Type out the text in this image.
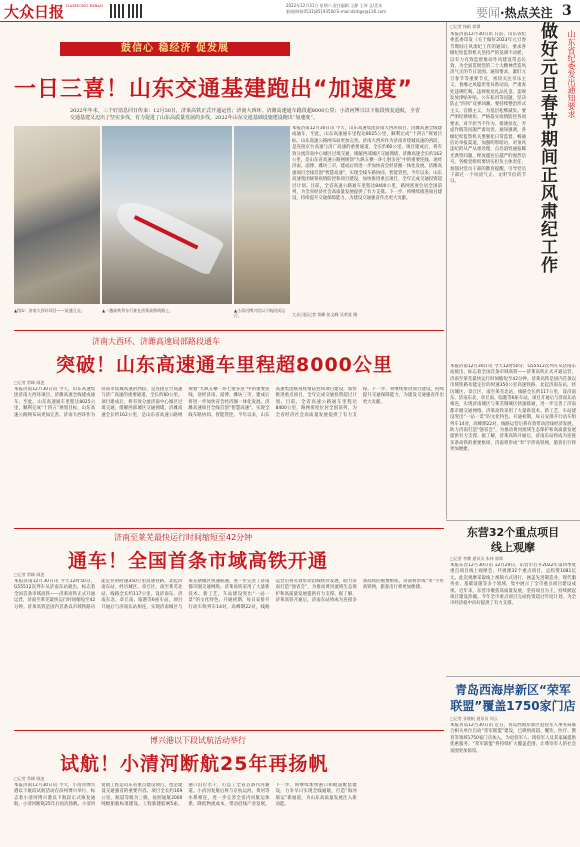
大众日报 DAZHONG RIBAO	2022年12月31日 星期六 责任编辑 王静 王坤 文/美术
新闻热线(0531)85193500 E-mail:dzrbgx@126.com	要闻·热点关注 3
鼓信心 稳经济 促发展
一日三喜！山东交通基建跑出“加速度”
2022年年末，三个好消息同日传来：12月30日，济莱高铁正式开通运营；济南大西环、济潍高速通车路段超8000公里；小清河博兴以下航段恢复通航，全省交通基建又迈出了坚实步伐，有力促进了山东高质量发展的步伐，2022年山东交通基础设施建设跑出“加速度”。
▲图①：济南大西环项目——某通互交。	▲一趟高铁列车行驶在济莱高铁线路上。	▲小清河博兴段以下航段试运行。
本报济南12月30日讯 今天，山东高速集团济南大西环项目、济潍高速全线建成通车，至此，山东高速通车里程达8025公里，顺利完成“十四五”规划目标，山东高速公路网布局更加完善。济南大西环作为济南市绕城高速的西段，是连接京台高速与济广高速的重要通道，全长约60公里。项目建成后，将有效分流济南中心城区过境交通，缓解西部城区交通拥堵。济潍高速全长约162公里，是山东省高速公路网规划“九纵五横一环七射多连”中的重要连线，途经济南、淄博、潍坊三市，建成后将进一步加快省会经济圈一体化发展。济潍高速项目全线首创“智慧高速”，实现全线车路协同、智能管控。今年以来，山东高速集团统筹疫情防控和项目建设，加快推进重点项目，全年完成交通投资超过计划。目前，全省高速公路通车里程达8400公里，路网密度位居全国前列，为全省经济社会高质量发展提供了有力支撑。下一步，将继续推进项目建设，持续提升交通保障能力，为建设交通强省作出更大贡献。
大众日报记者 常峰 张文峰 吴荣欣 摄
济南大西环、济潍高速局部路段通车
突破！山东高速通车里程超8000公里
□记者 常峰 顾凌
本报济南12月30日讯 今天，山东高速集团济南大西环项目、济潍高速全线建成通车，至此，山东高速通车里程达8025公里，顺利完成“十四五”规划目标，山东高速公路网布局更加完善。济南大西环作为济南市绕城高速的西段，是连接京台高速与济广高速的重要通道，全长约60公里。项目建成后，将有效分流济南中心城区过境交通，缓解西部城区交通拥堵。济潍高速全长约162公里，是山东省高速公路网规划“九纵五横一环七射多连”中的重要连线，途经济南、淄博、潍坊三市，建成后将进一步加快省会经济圈一体化发展。济潍高速项目全线首创“智慧高速”，实现全线车路协同、智能管控。今年以来，山东高速集团统筹疫情防控和项目建设，加快推进重点项目，全年完成交通投资超过计划。目前，全省高速公路通车里程达8400公里，路网密度位居全国前列，为全省经济社会高质量发展提供了有力支撑。下一步，将继续推进项目建设，持续提升交通保障能力，为建设交通强省作出更大贡献。
济南至莱芜最快运行时间缩短至42分钟
通车！全国首条市域高铁开通
□记者 常峰 顾凌
本报济南12月30日讯 今天12时50分，G55512次列车从济南东站驶出，标志着全国首条市域高铁——济莱高铁正式开通运营，济南至莱芜最快运行时间缩短至42分钟。济莱高铁是国内首条以市域铁路功能定位的时速350公里高速铁路，北起济南东站，经历城区、章丘区，南至莱芜北站，线路全长约117公里，设济南东、济南东北、章丘南、临港等6座车站。项目开通后与济南东站相连，实现济南城区与莱芜钢城区快速联通，进一步完善了济南都市圈交通网络。济莱高铁采用了大量新技术、新工艺，车站建设突出“一站一景”的文化特色。开通初期，每日安排开行动车组列车14对，高峰期22对，线路运营后将有效带动沿线经济发展，助力济南打造“强省会”，为推动黄河流域生态保护和高质量发展提供有力支撑。据了解，济莱高铁开通后，济南东站将成为连接多条高铁的重要枢纽，济南将形成“米”字形高铁网，旅客出行将更加便捷。
博兴港以下段试航活动举行
试航！小清河断航25年再扬帆
□记者 常峰 顾凌
本报济南12月30日讯 今天，小清河博兴港以下航段试航活动在滨州博兴举行，标志着小清河博兴港以下航段正式恢复通航，小清河断航25年后再次扬帆。小清河复航工程是山东省重点建设项目，也是建设交通强省的重要内容。项目全长约169公里，航道等级为三级，按照通航2000吨级船舶标准建设。工程新建船闸5座、港口泊位若干，打造了全省首条内河通道。小清河复航后将与京杭运河、黄河等水系相连，进一步完善全省内河航运体系，降低物流成本，带动沿线产业发展。下一步，将继续加快港口和航道配套建设，力争早日实现全线通航，打造“海河联运”新通道，为山东高质量发展注入新动能。
做好元旦春节期间正风肃纪工作	山东省纪委发出通知要求
□记者 杨帆 郭谭
本报济南12月30日讯 日前，山东省纪委监委印发《关于做好2023年元旦春节期间正风肃纪工作的通知》，要求各级纪检监察机关坚持严的基调不动摇，以有力有效监督推动作风建设常态长效，为全面贯彻党的二十大精神营造风清气正的节日氛围。通知要求，紧盯元旦春节等重要节点，密切关注享乐主义、奢靡之风隐形变异新动向，严肃查处违规吃喝、违规收送礼品礼金、违规发放津贴补贴、公车私用等问题，坚决防止“四风”反弹回潮。要持续整治形式主义、官僚主义，为基层松绑减负。要严明纪律规矩，严格落实疫情防控各项要求，对不担当不作为、推诿扯皮、弄虚作假等问题严肃问责。通知强调，各级纪检监察机关要强化日常监督，畅通信访举报渠道，加强明察暗访，对顶风违纪的从严从重处理，点名道姓通报曝光典型问题，释放越往后越严的强烈信号。各级党组织要切实担负主体责任，加强对党员干部的教育提醒，引导党员干部过一个风清气正、文明节俭的节日。
本报济南12月30日讯 今天12时50分，G55512次列车从济南东站驶出，标志着全国首条市域高铁——济莱高铁正式开通运营，济南至莱芜最快运行时间缩短至42分钟。济莱高铁是国内首条以市域铁路功能定位的时速350公里高速铁路，北起济南东站，经历城区、章丘区，南至莱芜北站，线路全长约117公里，设济南东、济南东北、章丘南、临港等6座车站。项目开通后与济南东站相连，实现济南城区与莱芜钢城区快速联通，进一步完善了济南都市圈交通网络。济莱高铁采用了大量新技术、新工艺，车站建设突出“一站一景”的文化特色。开通初期，每日安排开行动车组列车14对，高峰期22对，线路运营后将有效带动沿线经济发展，助力济南打造“强省会”，为推动黄河流域生态保护和高质量发展提供有力支撑。据了解，济莱高铁开通后，济南东站将成为连接多条高铁的重要枢纽，济南将形成“米”字形高铁网，旅客出行将更加便捷。
东营32个重点项目
线上观摩
□记者 李鹏 通讯员 朱林 郭谭
本报东营12月30日讯 12月29日，东营市召开2022年第四季度重点项目线上观摩会，共观摩32个重点项目，总投资1081亿元。此次观摩采取线上视频方式进行，涵盖先进制造业、现代服务业、基础设施等多个领域，集中展示了全市重点项目建设成果。近年来，东营市聚焦高质量发展，坚持项目为王，持续掀起项目建设热潮。今年全市重点项目完成投资超过年度计划，为全市经济稳中向好提供了有力支撑。
青岛西海岸新区“荣军
联盟”覆盖1750家门店
□记者 张晓帆 通讯员 刘云
本报青岛12月30日讯 近日，青岛西海岸新区退役军人事务局联合相关单位启动“荣军联盟”建设，已吸纳商超、餐饮、医疗、教育等领域1750家门店加入，为退役军人、现役军人及其家属提供优惠服务。“荣军联盟”将持续扩大覆盖范围，让尊崇军人的社会氛围更加浓厚。
